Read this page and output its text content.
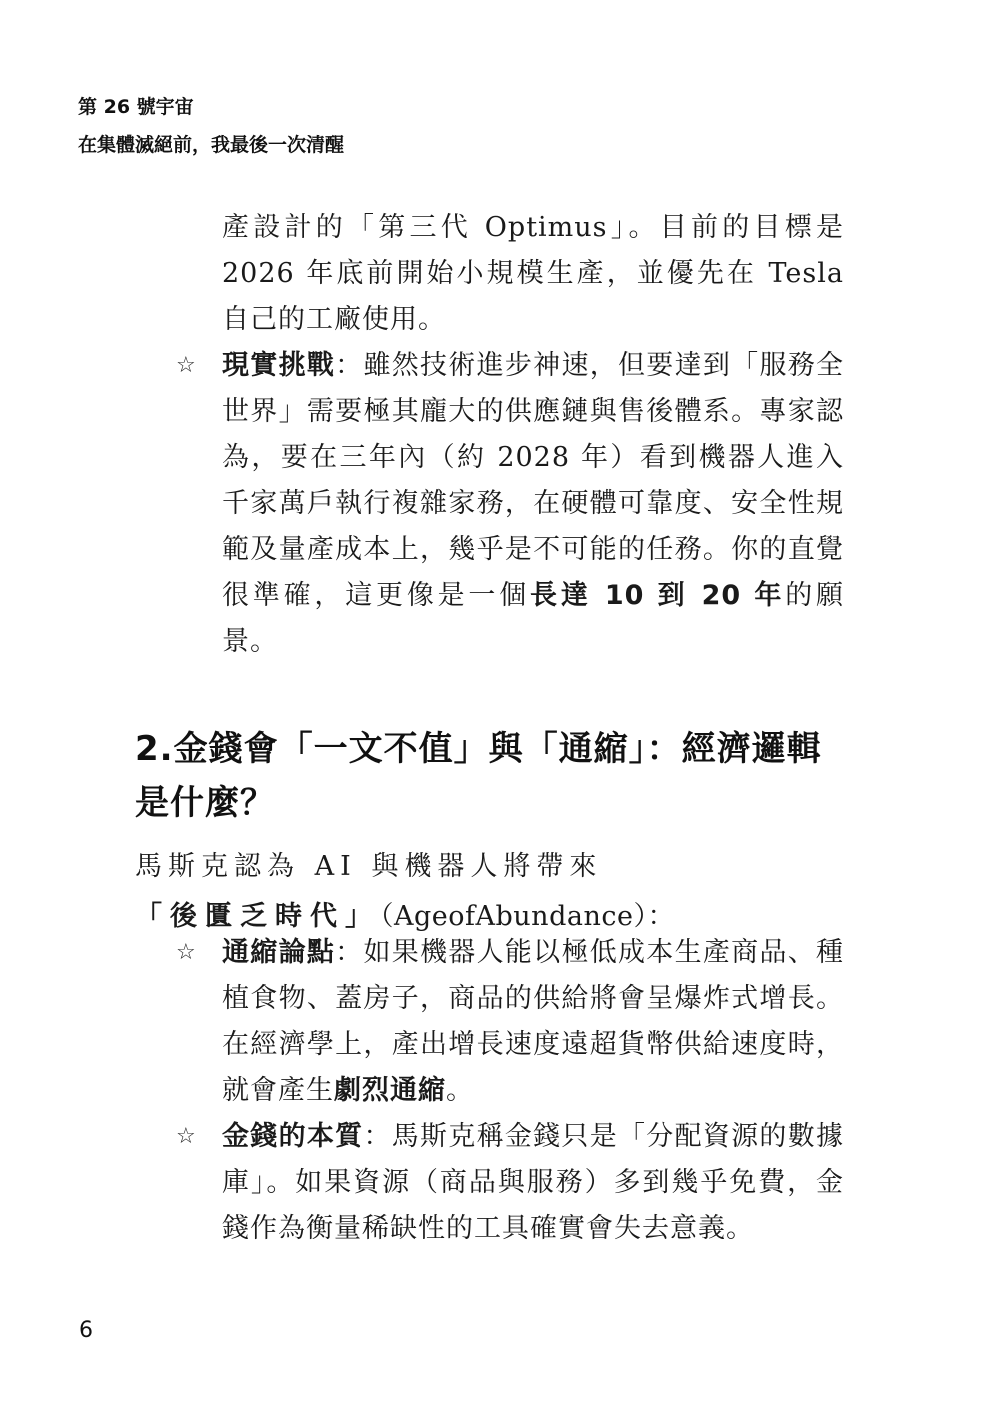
第 26 號宇宙
在集體滅絕前，我最後一次清醒
產設計的「第三代 Optimus」。目前的目標是 2026 年底前開始小規模生產，並優先在 Tesla 自己的工廠使用。
☆ 現實挑戰：雖然技術進步神速，但要達到「服務全世界」需要極其龐大的供應鏈與售後體系。專家認為，要在三年內（約 2028 年）看到機器人進入千家萬戶執行複雜家務，在硬體可靠度、安全性規範及量產成本上，幾乎是不可能的任務。你的直覺很準確，這更像是一個長達 10 到 20 年的願景。
2.金錢會「一文不值」與「通縮」：經濟邏輯是什麼？
馬斯克認為 AI 與機器人將帶來「後匱乏時代」（AgeofAbundance）：
☆ 通縮論點：如果機器人能以極低成本生產商品、種植食物、蓋房子，商品的供給將會呈爆炸式增長。在經濟學上，產出增長速度遠超貨幣供給速度時，就會產生劇烈通縮。
☆ 金錢的本質：馬斯克稱金錢只是「分配資源的數據庫」。如果資源（商品與服務）多到幾乎免費，金錢作為衡量稀缺性的工具確實會失去意義。
6
